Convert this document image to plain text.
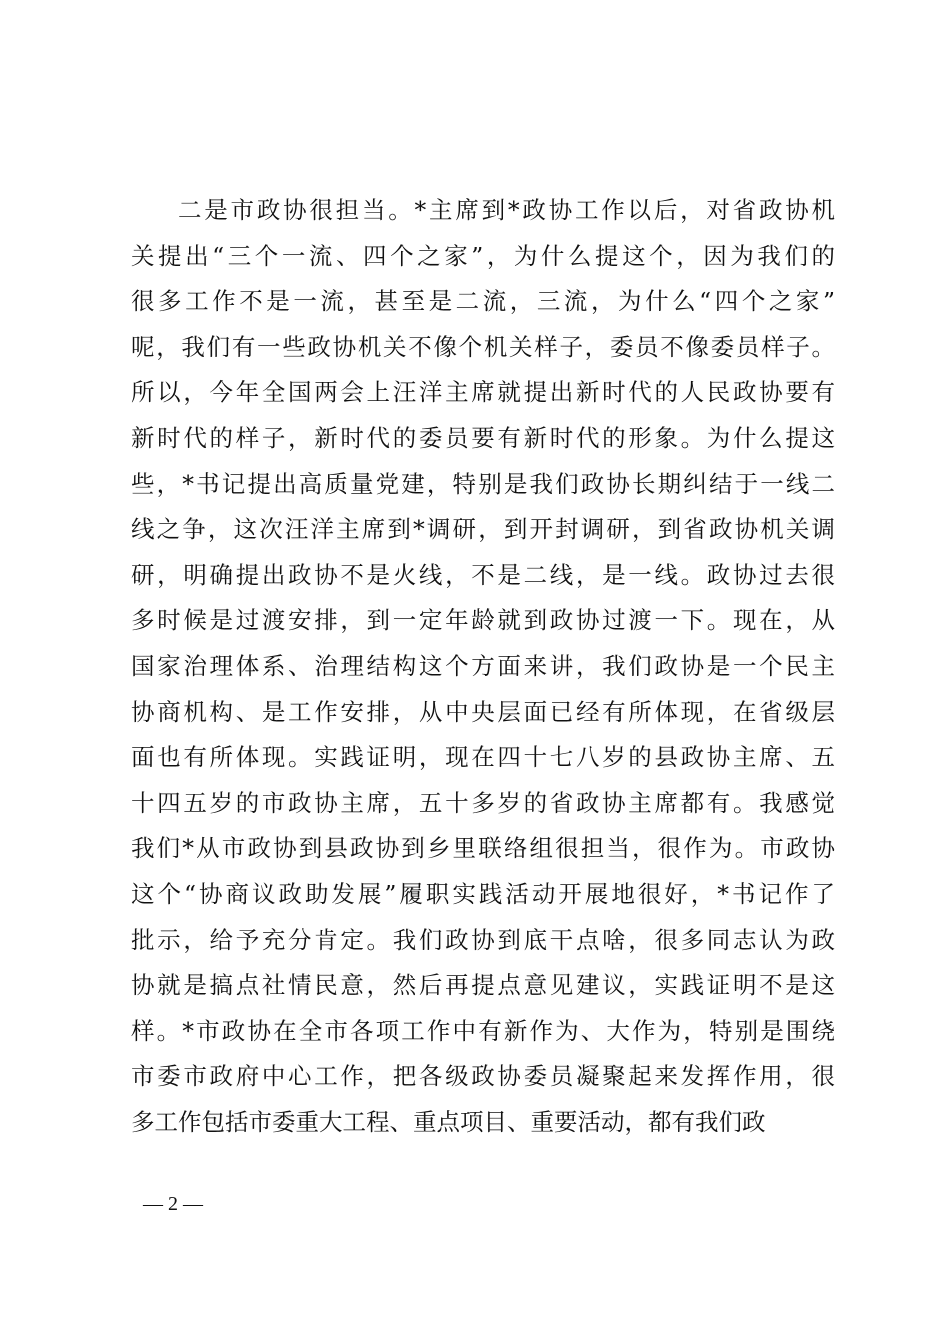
二是市政协很担当。*主席到*政协工作以后，对省政协机
关提出“三个一流、四个之家”，为什么提这个，因为我们的
很多工作不是一流，甚至是二流，三流，为什么“四个之家”
呢，我们有一些政协机关不像个机关样子，委员不像委员样子。
所以，今年全国两会上汪洋主席就提出新时代的人民政协要有
新时代的样子，新时代的委员要有新时代的形象。为什么提这
些，*书记提出高质量党建，特别是我们政协长期纠结于一线二
线之争，这次汪洋主席到*调研，到开封调研，到省政协机关调
研，明确提出政协不是火线，不是二线，是一线。政协过去很
多时候是过渡安排，到一定年龄就到政协过渡一下。现在，从
国家治理体系、治理结构这个方面来讲，我们政协是一个民主
协商机构、是工作安排，从中央层面已经有所体现，在省级层
面也有所体现。实践证明，现在四十七八岁的县政协主席、五
十四五岁的市政协主席，五十多岁的省政协主席都有。我感觉
我们*从市政协到县政协到乡里联络组很担当，很作为。市政协
这个“协商议政助发展”履职实践活动开展地很好，*书记作了
批示，给予充分肯定。我们政协到底干点啥，很多同志认为政
协就是搞点社情民意，然后再提点意见建议，实践证明不是这
样。*市政协在全市各项工作中有新作为、大作为，特别是围绕
市委市政府中心工作，把各级政协委员凝聚起来发挥作用，很
多工作包括市委重大工程、重点项目、重要活动，都有我们政
— 2 —
